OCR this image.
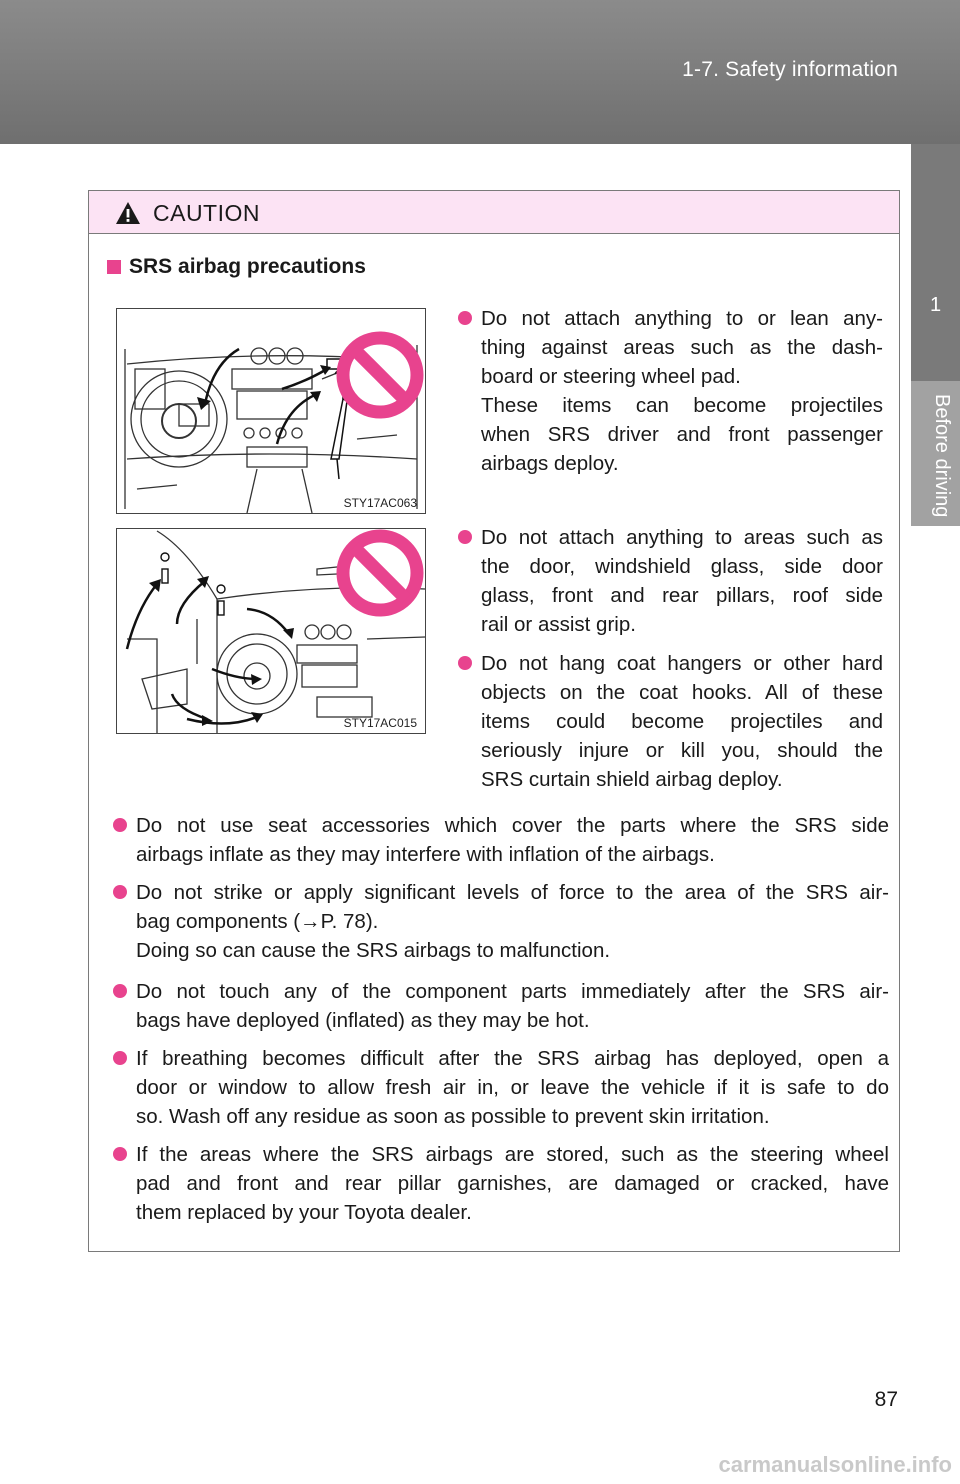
1-7. Safety information
1
Before driving
CAUTION
SRS airbag precautions
STY17AC063
STY17AC015

Do not attach anything to or lean any-

thing against areas such as the dash-

board or steering wheel pad.

These items can become projectiles

when SRS driver and front passenger

airbags deploy.

Do not attach anything to areas such as

the door, windshield glass, side door

glass, front and rear pillars, roof side

rail or assist grip.

Do not hang coat hangers or other hard

objects on the coat hooks. All of these

items could become projectiles and

seriously injure or kill you, should the

SRS curtain shield airbag deploy.

Do not use seat accessories which cover the parts where the SRS side

airbags inflate as they may interfere with inflation of the airbags.

Do not strike or apply significant levels of force to the area of the SRS air-

bag components (→P. 78).

Doing so can cause the SRS airbags to malfunction.

Do not touch any of the component parts immediately after the SRS air-

bags have deployed (inflated) as they may be hot.

If breathing becomes difficult after the SRS airbag has deployed, open a

door or window to allow fresh air in, or leave the vehicle if it is safe to do

so. Wash off any residue as soon as possible to prevent skin irritation.

If the areas where the SRS airbags are stored, such as the steering wheel

pad and front and rear pillar garnishes, are damaged or cracked, have

them replaced by your Toyota dealer.

87
carmanualsonline.info
